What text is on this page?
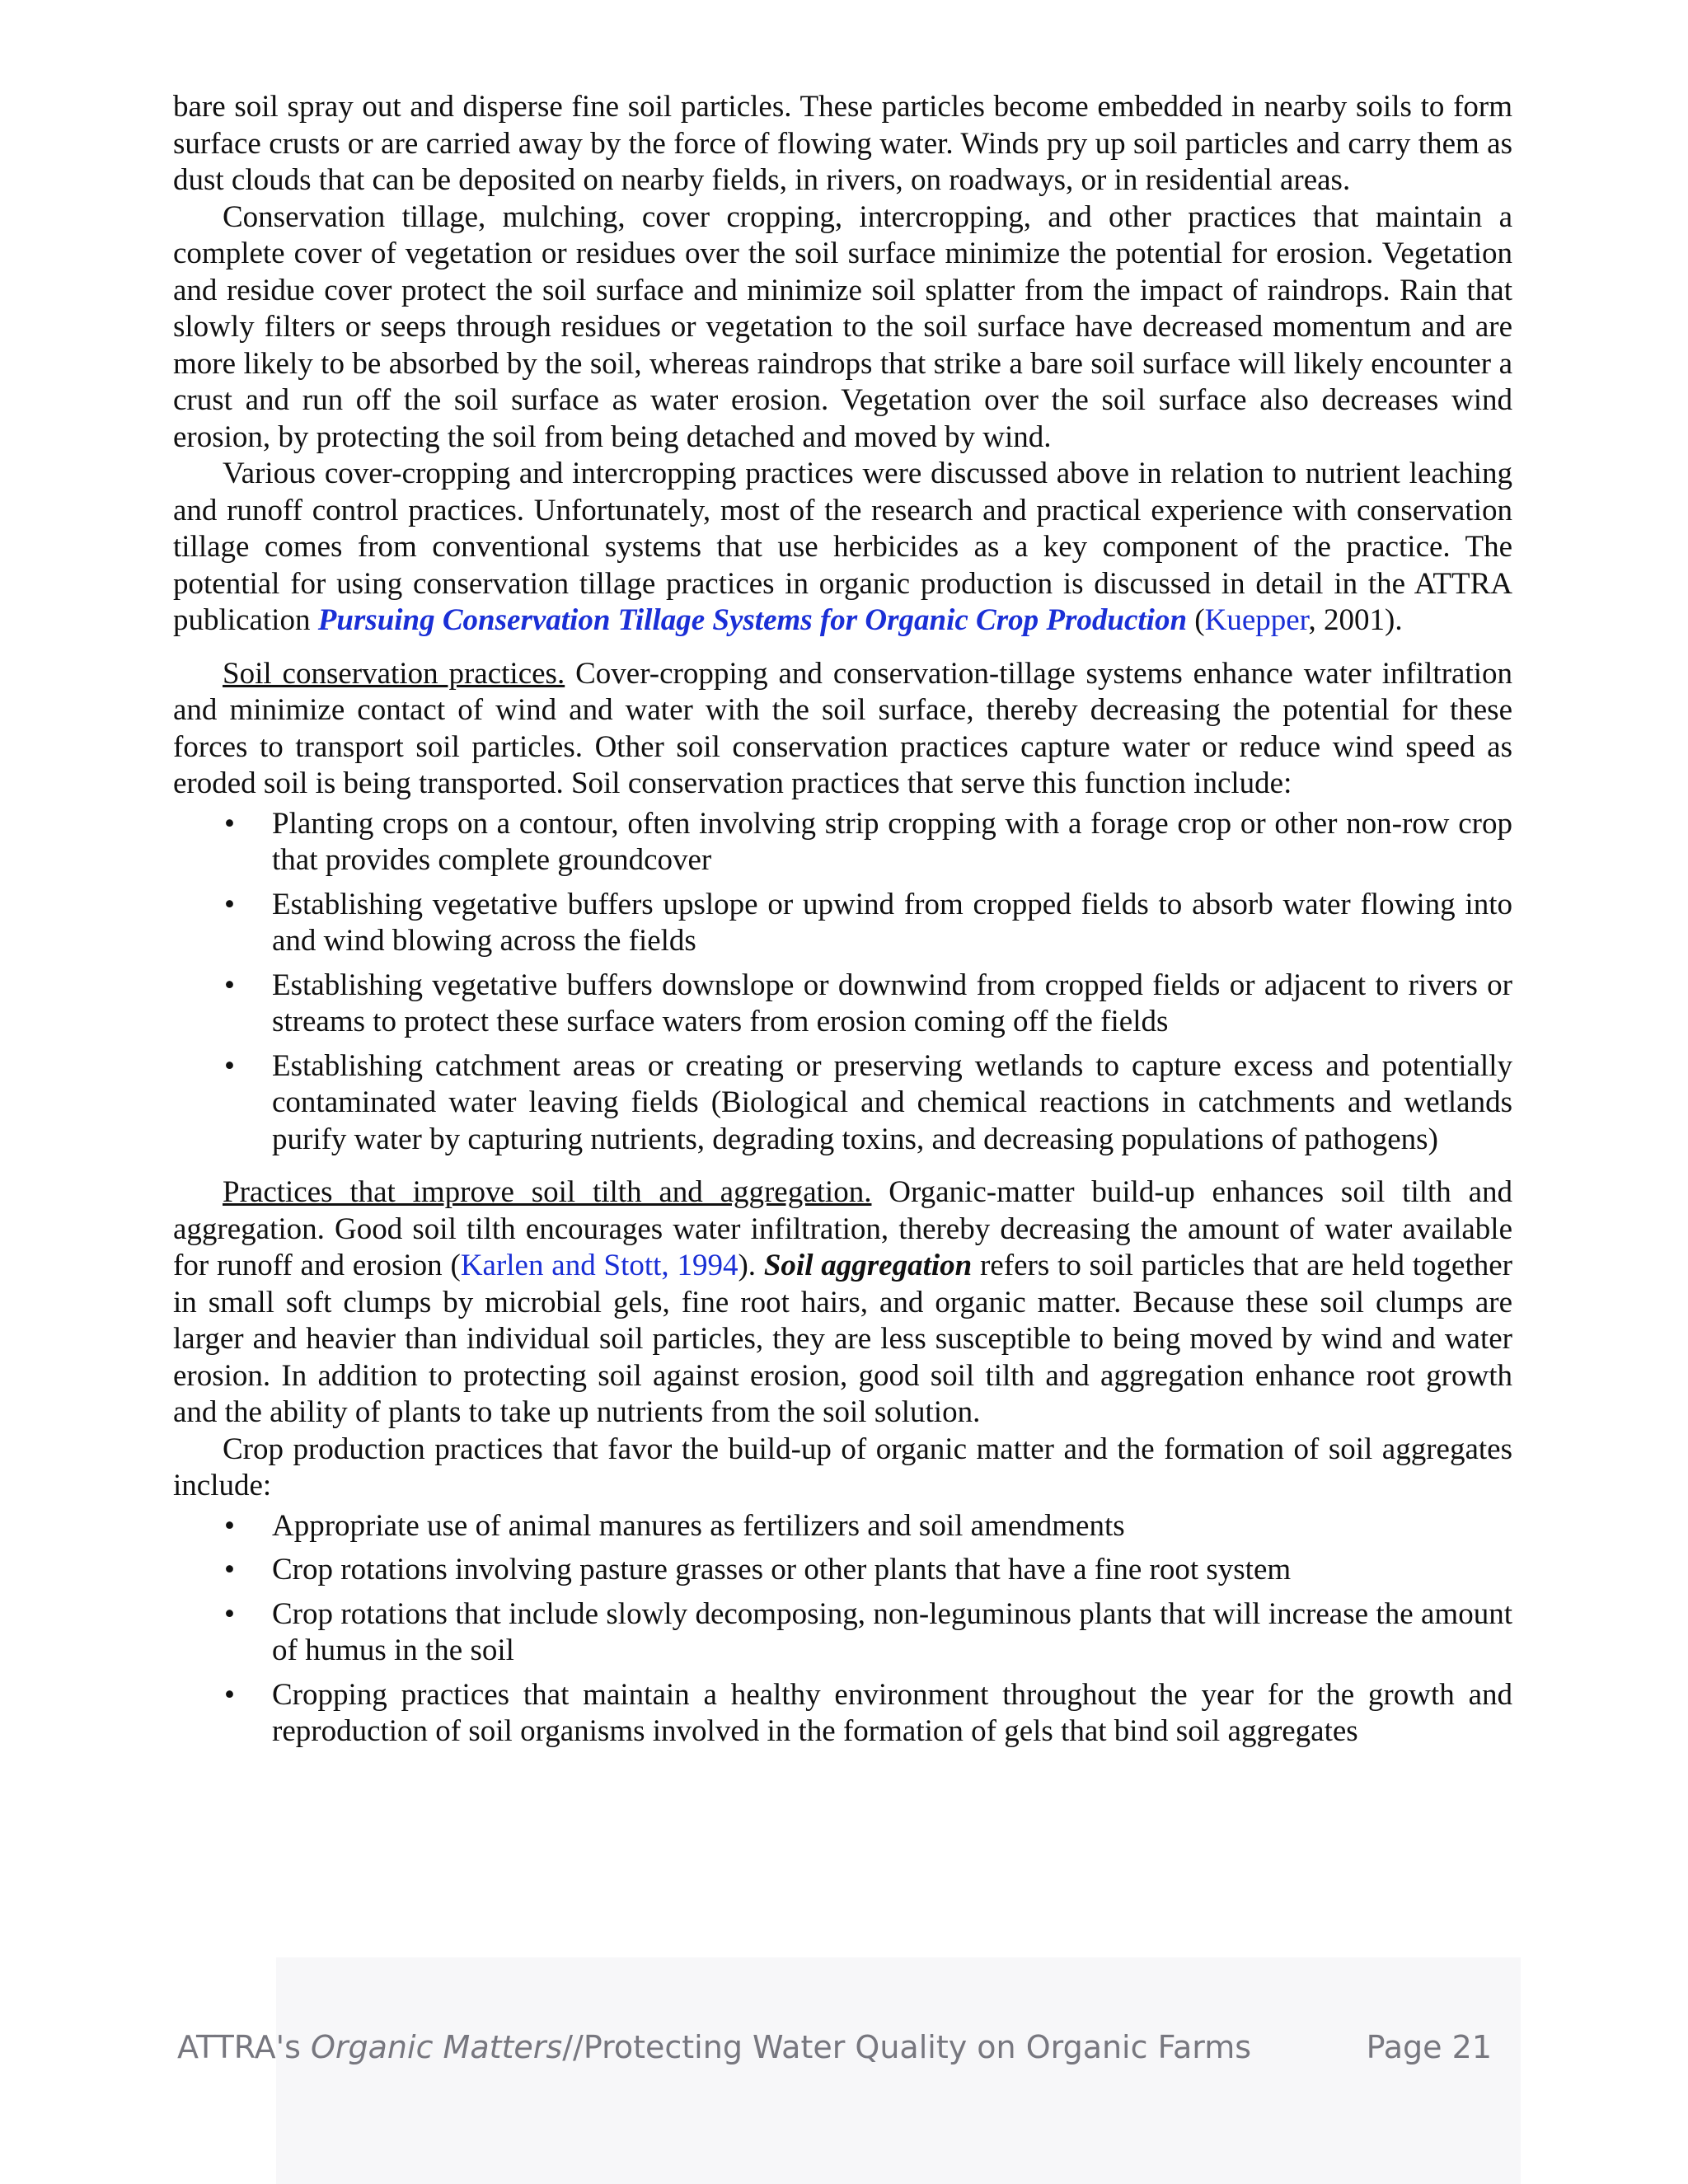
bare soil spray out and disperse fine soil particles. These particles become embedded in nearby soils to form surface crusts or are carried away by the force of flowing water. Winds pry up soil particles and carry them as dust clouds that can be deposited on nearby fields, in rivers, on roadways, or in residential areas.

Conservation tillage, mulching, cover cropping, intercropping, and other practices that maintain a complete cover of vegetation or residues over the soil surface minimize the potential for erosion. Vegetation and residue cover protect the soil surface and minimize soil splatter from the impact of raindrops. Rain that slowly filters or seeps through residues or vegetation to the soil surface have decreased momentum and are more likely to be absorbed by the soil, whereas raindrops that strike a bare soil surface will likely encounter a crust and run off the soil surface as water erosion. Vegetation over the soil surface also decreases wind erosion, by protecting the soil from being detached and moved by wind.

Various cover-cropping and intercropping practices were discussed above in relation to nutrient leaching and runoff control practices. Unfortunately, most of the research and practical experience with conservation tillage comes from conventional systems that use herbicides as a key component of the practice. The potential for using conservation tillage practices in organic production is discussed in detail in the ATTRA publication Pursuing Conservation Tillage Systems for Organic Crop Production (Kuepper, 2001).

Soil conservation practices. Cover-cropping and conservation-tillage systems enhance water infiltration and minimize contact of wind and water with the soil surface, thereby decreasing the potential for these forces to transport soil particles. Other soil conservation practices capture water or reduce wind speed as eroded soil is being transported. Soil conservation practices that serve this function include:

• Planting crops on a contour, often involving strip cropping with a forage crop or other non-row crop that provides complete groundcover
• Establishing vegetative buffers upslope or upwind from cropped fields to absorb water flowing into and wind blowing across the fields
• Establishing vegetative buffers downslope or downwind from cropped fields or adjacent to rivers or streams to protect these surface waters from erosion coming off the fields
• Establishing catchment areas or creating or preserving wetlands to capture excess and potentially contaminated water leaving fields (Biological and chemical reactions in catchments and wetlands purify water by capturing nutrients, degrading toxins, and decreasing populations of pathogens)

Practices that improve soil tilth and aggregation. Organic-matter build-up enhances soil tilth and aggregation. Good soil tilth encourages water infiltration, thereby decreasing the amount of water available for runoff and erosion (Karlen and Stott, 1994). Soil aggregation refers to soil particles that are held together in small soft clumps by microbial gels, fine root hairs, and organic matter. Because these soil clumps are larger and heavier than individual soil particles, they are less susceptible to being moved by wind and water erosion. In addition to protecting soil against erosion, good soil tilth and aggregation enhance root growth and the ability of plants to take up nutrients from the soil solution.

Crop production practices that favor the build-up of organic matter and the formation of soil aggregates include:

• Appropriate use of animal manures as fertilizers and soil amendments
• Crop rotations involving pasture grasses or other plants that have a fine root system
• Crop rotations that include slowly decomposing, non-leguminous plants that will increase the amount of humus in the soil
• Cropping practices that maintain a healthy environment throughout the year for the growth and reproduction of soil organisms involved in the formation of gels that bind soil aggregates
ATTRA's Organic Matters//Protecting Water Quality on Organic Farms	Page 21
